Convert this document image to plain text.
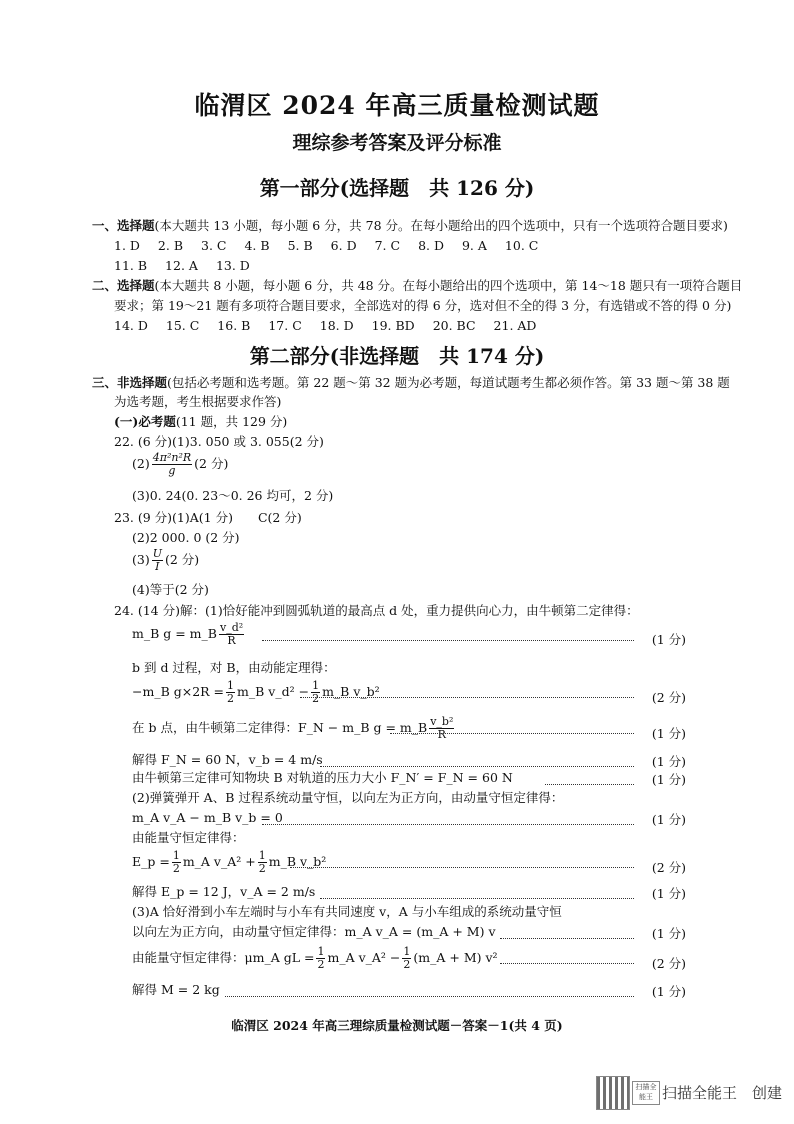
临渭区 2024 年高三质量检测试题
理综参考答案及评分标准
第一部分(选择题　共 126 分)
一、选择题(本大题共 13 小题，每小题 6 分，共 78 分。在每小题给出的四个选项中，只有一个选项符合题目要求)
1. D 2. B 3. C 4. B 5. B 6. D 7. C 8. D 9. A 10. C
11. B 12. A 13. D
二、选择题(本大题共 8 小题，每小题 6 分，共 48 分。在每小题给出的四个选项中，第 14～18 题只有一项符合题目
要求；第 19～21 题有多项符合题目要求，全部选对的得 6 分，选对但不全的得 3 分，有选错或不答的得 0 分)
14. D 15. C 16. B 17. C 18. D 19. BD 20. BC 21. AD
第二部分(非选择题　共 174 分)
三、非选择题(包括必考题和选考题。第 22 题～第 32 题为必考题，每道试题考生都必须作答。第 33 题～第 38 题
为选考题，考生根据要求作答)
(一)必考题(11 题，共 129 分)
22. (6 分)(1)3. 050 或 3. 055(2 分)
$(2) \frac{\text{4π²n²R}}{g} (2$ 分)
(3)0. 24(0. 23～0. 26 均可，2 分)
23. (9 分)(1)A(1 分)　　C(2 分)
(2)2 000. 0 (2 分)
$(3) \frac{U}{I} (2$ 分)
(4)等于(2 分)
24. (14 分)解：(1)恰好能冲到圆弧轨道的最高点 d 处，重力提供向心力，由牛顿第二定律得：
m_B g = m_B $\frac{\text{v\_d²}}{R}$	(1 分)
b 到 d 过程，对 B，由动能定理得：
−m_B $g\times 2R = \frac{1}{2}$ m_B v_d² − $\frac{1}{2}$ m_B v_b²	(2 分)
在 b 点，由牛顿第二定律得：F_N − m_B g = m_B $\frac{\text{v\_b²}}{R}$	(1 分)
解得 F_N = 60 N，v_b = 4 m/s	(1 分)
由牛顿第三定律可知物块 B 对轨道的压力大小 F_N′ = F_N = 60 N	(1 分)
(2)弹簧弹开 A、B 过程系统动量守恒，以向左为正方向，由动量守恒定律得：
m_A v_A − m_B v_b = 0	(1 分)
由能量守恒定律得：
E_p = $\frac{1}{2}$ m_A v_A² + $\frac{1}{2}$ m_B v_b²	(2 分)
解得 E_p = 12 J，v_A = 2 m/s	(1 分)
(3)A 恰好滑到小车左端时与小车有共同速度 v，A 与小车组成的系统动量守恒
以向左为正方向，由动量守恒定律得：m_A v_A = (m_A + M) v	(1 分)
由能量守恒定律得：μm_A gL = $\frac{1}{2}$ m_A v_A² − $\frac{1}{2}$ (m_A + M) v²	(2 分)
解得 M = 2 kg	(1 分)
临渭区 2024 年高三理综质量检测试题－答案－1(共 4 页)
扫描全能王 扫描全能王　创建
